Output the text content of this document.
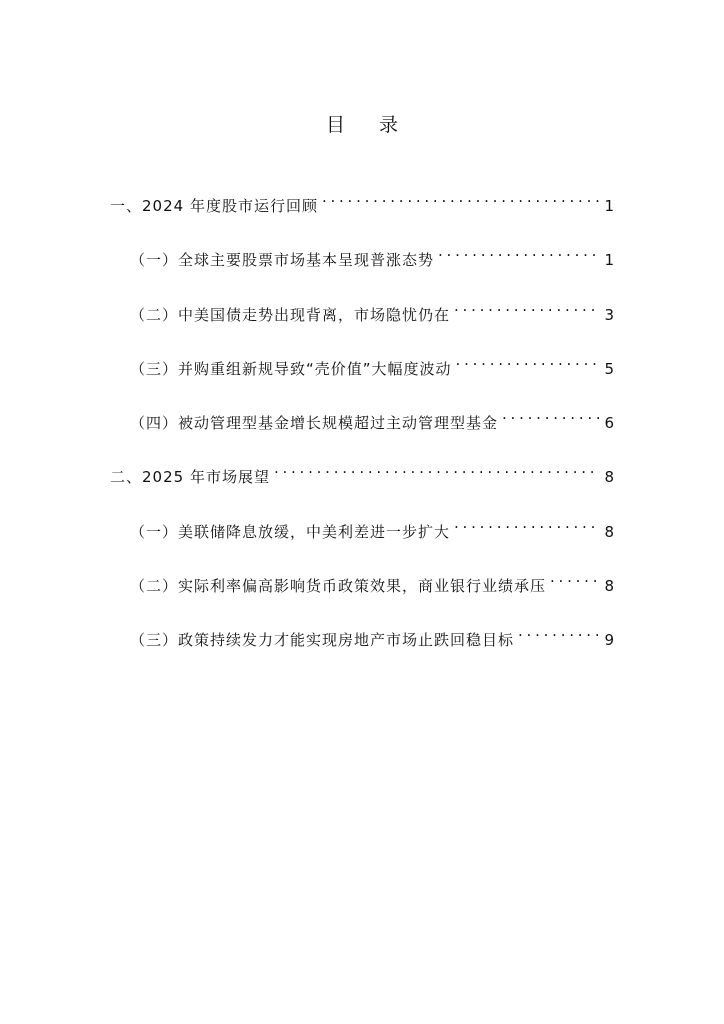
目 录
一、2024 年度股市运行回顾 . . .	1
（一）全球主要股票市场基本呈现普涨态势 . . .	1
（二）中美国债走势出现背离，市场隐忧仍在 . . .	3
（三）并购重组新规导致“壳价值”大幅度波动 . . .	5
（四）被动管理型基金增长规模超过主动管理型基金 . . .	6
二、2025 年市场展望 . . .	8
（一）美联储降息放缓，中美利差进一步扩大 . . .	8
（二）实际利率偏高影响货币政策效果，商业银行业绩承压 . . .	8
（三）政策持续发力才能实现房地产市场止跌回稳目标 . . .	9
